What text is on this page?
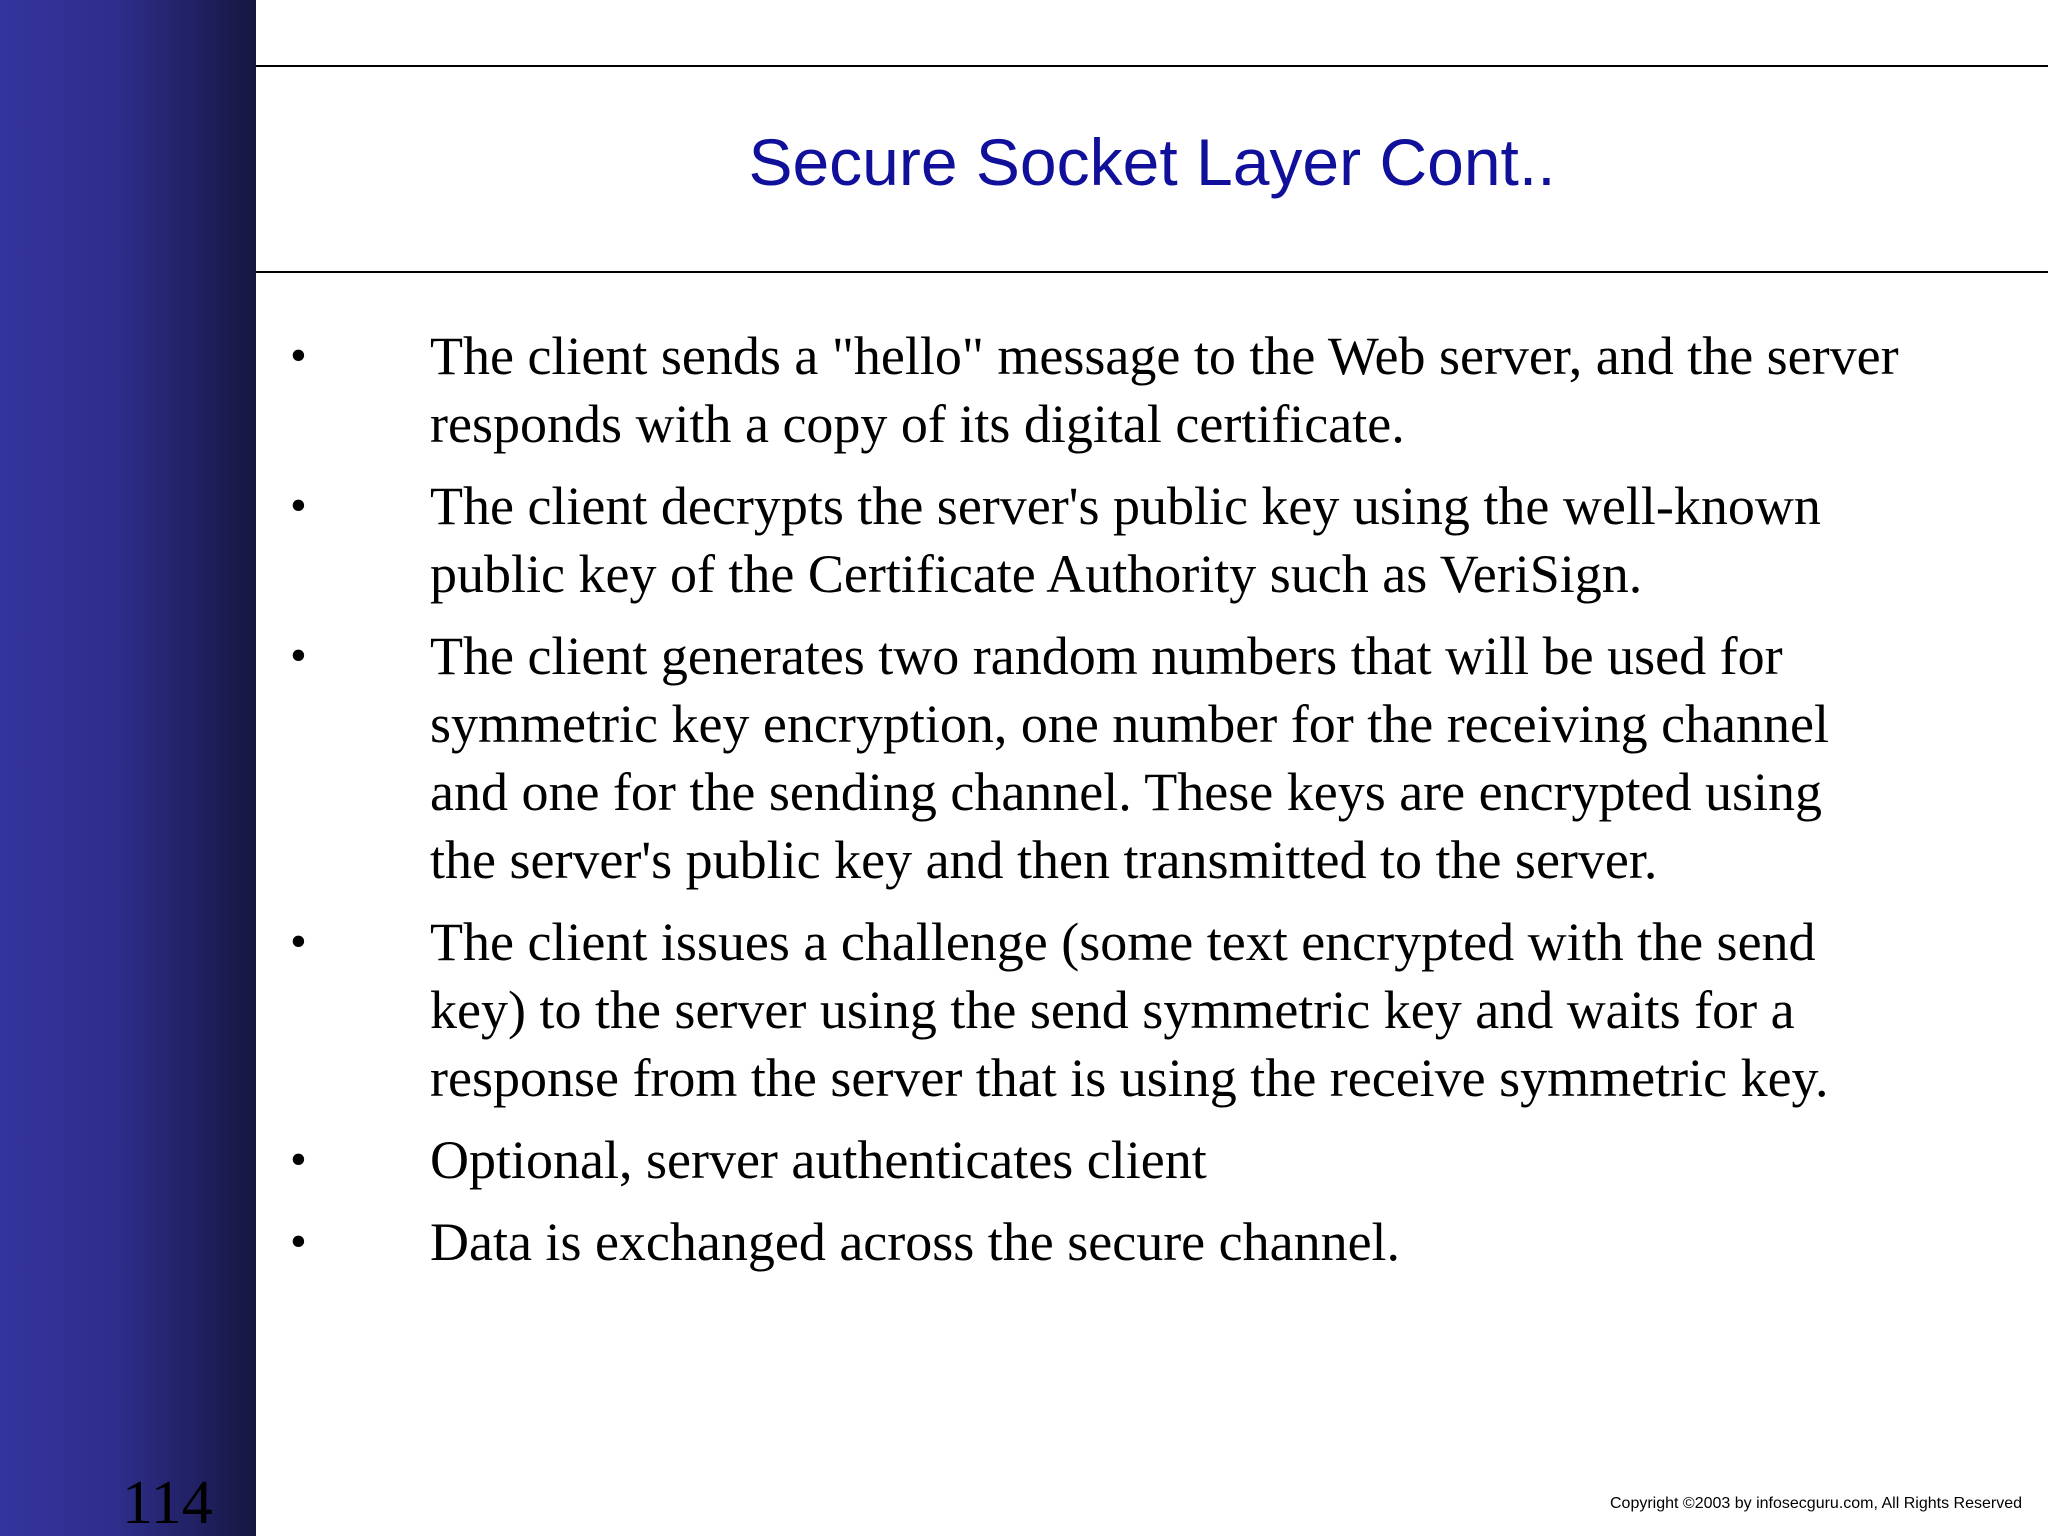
Secure Socket Layer Cont..
•	The client sends a "hello" message to the Web server, and the server
responds with a copy of its digital certificate.
•	The client decrypts the server's public key using the well-known
public key of the Certificate Authority such as VeriSign.
•	The client generates two random numbers that will be used for
symmetric key encryption, one number for the receiving channel
and one for the sending channel. These keys are encrypted using
the server's public key and then transmitted to the server.
•	The client issues a challenge (some text encrypted with the send
key) to the server using the send symmetric key and waits for a
response from the server that is using the receive symmetric key.
•	Optional, server authenticates client
•	Data is exchanged across the secure channel.
114	Copyright ©2003 by infosecguru.com, All Rights Reserved
